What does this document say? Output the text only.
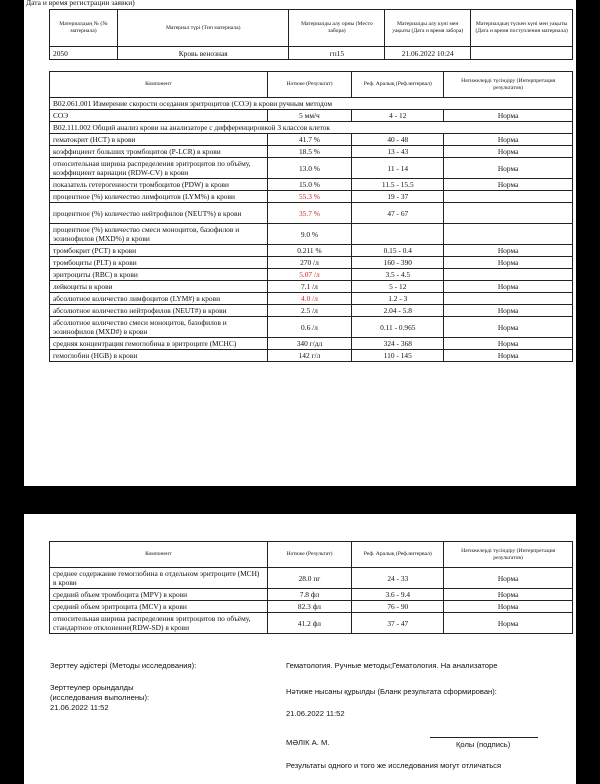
Дата и время регистрации заявки)
Материалдың № (№ материала)	Материал түрі (Тип материала)	Материалды алу орны (Место забора)	Материалды алу күні мен уақыты (Дата и время забора)	Материалдың түскен күні мен уақыты (Дата и время поступления материала)
2050	Кровь венозная	гп15	21.06.2022 10:24	
Компонент	Нәтиже (Результат)	Реф. Аралық (Реф.интервал)	Нәтижелерді түсіндіру (Интерпретация результатов)
B02.061.001 Измерение скорости оседания эритроцитов (СОЭ) в крови ручным методом			
СОЭ	5 мм/ч	4 - 12	Норма
B02.111.002 Общий анализ крови на анализаторе с дифференцировкой 3 классов клеток			
гематокрит (HCT) в крови	41.7 %	40 - 48	Норма
коэффициент больших тромбоцитов (P-LCR) в крови	18.5 %	13 - 43	Норма
относительная ширина распределения эритроцитов по объёму, коэффициент вариации (RDW-CV) в крови	13.0 %	11 - 14	Норма
показатель гетерогенности тромбоцитов (PDW) в крови	15.0 %	11.5 - 15.5	Норма
процентное (%) количество лимфоцитов (LYM%) в крови	55.3 %	19 - 37	
процентное (%) количество нейтрофилов (NEUT%) в крови	35.7 %	47 - 67	
процентное (%) количество смеси моноцитов, базофилов и эозинофилов (MXD%) в крови	9.0 %		
тромбокрит (PCT) в крови	0.211 %	0.15 - 0.4	Норма
тромбоциты (PLT) в крови	270 /л	160 - 390	Норма
эритроциты (RBC) в крови	5.07 /л	3.5 - 4.5	
лейкоциты в крови	7.1 /л	5 - 12	Норма
абсолютное количество лимфоцитов (LYM#) в крови	4.0 /л	1.2 - 3	
абсолютное количество нейтрофилов (NEUT#) в крови	2.5 /л	2.04 - 5.8	Норма
абсолютное количество смеси моноцитов, базофилов и эозинофилов (MXD#) в крови	0.6 /л	0.11 - 0.965	Норма
средняя концентрация гемоглобина в эритроците (MCHC)	340 г/дл	324 - 368	Норма
гемоглобин (HGB) в крови	142 г/л	110 - 145	Норма
Компонент	Нәтиже (Результат)	Реф. Аралық (Реф.интервал)	Нәтижелерді түсіндіру (Интерпретация результатов)
среднее содержание гемоглобина в отдельном эритроците (MCH) в крови	28.0 пг	24 - 33	Норма
средний объем тромбоцита (MPV) в крови	7.8 фл	3.6 - 9.4	Норма
средний объем эритроцита (MCV) в крови	82.3 фл	76 - 90	Норма
относительная ширина распределения эритроцитов по объёму, стандартное отклонение(RDW-SD) в крови	41.2 фл	37 - 47	Норма
Зерттеу әдістері (Методы исследования):	Гематология. Ручные методы;Гематология. На анализаторе
Зерттеулер орындалды
(исследования выполнены):
21.06.2022 11:52
Нәтиже нысаны құрылды (Бланк результата сформирован):
21.06.2022 11:52
МӘЛІК А. М.	Қолы (подпись)
Результаты одного и того же исследования могут отличаться
